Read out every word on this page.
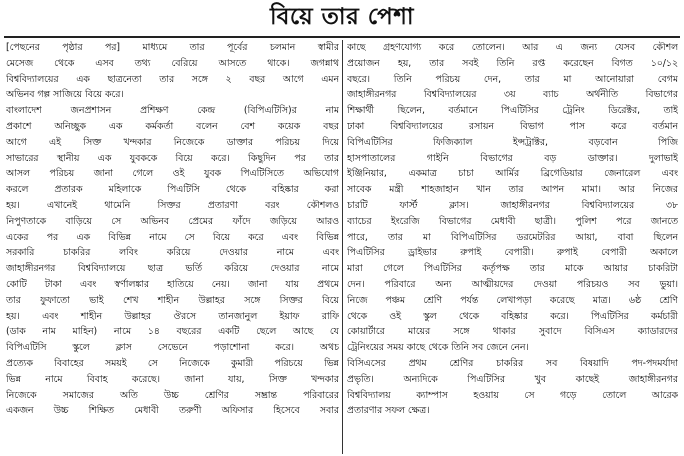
বিয়ে তার পেশা
[পেছনের পৃষ্ঠার পর] মাধ্যমে তার পূর্বের চলমান স্বামীর
মেসেজ থেকে এসব তথ্য বেরিয়ে আসতে থাকে। জগন্নাথ
বিশ্ববিদ্যালয়ের এক ছাত্রনেতা তার সঙ্গে ২ বছর আগে এমন
অভিনব গল্প সাজিয়ে বিয়ে করে।
বাংলাদেশ জনপ্রশাসন প্রশিক্ষণ কেন্দ্র (বিপিএটিসি)র নাম
প্রকাশে অনিচ্ছুক এক কর্মকর্তা বলেন বেশ কয়েক বছর
আগে এই সিক্ত খন্দকার নিজেকে ডাক্তার পরিচয় দিয়ে
সাভারের স্থানীয় এক যুবককে বিয়ে করে। কিছুদিন পর তার
আসল পরিচয় জানা গেলে ওই যুবক পিএটিসিতে অভিযোগ
করলে প্রতারক মহিলাকে পিএটিসি থেকে বহিষ্কার করা
হয়। এখানেই থামেনি সিক্তর প্রতারণা বরং কৌশলও
নিপুণতাকে বাড়িয়ে সে অভিনব প্রেমের ফাঁদে জড়িয়ে আরও
একের পর এক বিভিন্ন নামে সে বিয়ে করে এবং বিভিন্ন
সরকারি চাকরির লবিং করিয়ে দেওয়ার নামে এবং
জাহাঙ্গীরনগর বিশ্ববিদ্যালয়ে ছাত্র ভর্তি করিয়ে দেওয়ার নামে
কোটি টাকা এবং স্বর্ণালঙ্কার হাতিয়ে নেয়। জানা যায় প্রথমে
তার ফুফাতো ভাই শেখ শাহীন উল্লাহর সঙ্গে সিক্তর বিয়ে
হয়। এবং শাহীন উল্লাহর ঔরসে তানজানুল ইয়াফ রাফি
(ডাক নাম মাহিন) নামে ১৪ বছরের একটি ছেলে আছে যে
বিপিএটিসি স্কুলে ক্লাস সেভেনে পড়াশোনা করে। অথচ
প্রত্যেক বিবাহের সময়ই সে নিজেকে কুমারী পরিচয়ে ভিন্ন
ভিন্ন নামে বিবাহ করেছে। জানা যায়, সিক্ত খন্দকার
নিজেকে সমাজের অতি উচ্চ শ্রেণির সম্ভ্রান্ত পরিবারের
একজন উচ্চ শিক্ষিত মেধাবী তরুণী অফিসার হিসেবে সবার
কাছে গ্রহণযোগ্য করে তোলেন। আর এ জন্য যেসব কৌশল
প্রয়োজন হয়, তার সবই তিনি রপ্ত করেছেন বিগত ১০/১২
বছরে। তিনি পরিচয় দেন, তার মা আনোয়ারা বেগম
জাহাঙ্গীরনগর বিশ্ববিদ্যালয়ের ৩য় ব্যাচ অর্থনীতি বিভাগের
শিক্ষার্থী ছিলেন, বর্তমানে পিএটিসির ট্রেনিং ডিরেক্টর, তাই
ঢাকা বিশ্ববিদ্যালয়ের রসায়ন বিভাগ পাস করে বর্তমান
বিপিএটিসির ফিজিক্যাল ইন্সট্রাক্টর, বড়বোন পিজি
হাসপাতালের গাইনি বিভাগের বড় ডাক্তার। দুলাভাই
ইঞ্জিনিয়ার, একমাত্র চাচা আর্মির ব্রিগেডিয়ার জেনারেল এবং
সাবেক মন্ত্রী শাহজাহান খান তার আপন মামা। আর নিজের
চারটি ফার্স্ট ক্লাস। জাহাঙ্গীরনগর বিশ্ববিদ্যালয়ের ৩৮
ব্যাচের ইংরেজি বিভাগের মেধাবী ছাত্রী। পুলিশ পরে জানতে
পারে, তার মা বিপিএটিসির ডরমেটরির আয়া, বাবা ছিলেন
পিএটিসির ড্রাইভার রুপাই বেপারী। রুপাই বেপারী অকালে
মারা গেলে পিএটিসির কর্তৃপক্ষ তার মাকে আয়ার চাকরিটা
দেন। পরিবারে অন্য আত্মীয়দের দেওয়া পরিচয়ও সব ভুয়া।
নিজে পঞ্চম শ্রেণি পর্যন্ত লেখাপড়া করেছে মাত্র। ৬ষ্ঠ শ্রেণি
থেকে ওই স্কুল থেকে বহিষ্কার করে। পিএটিসির কর্মচারী
কোয়ার্টারে মায়ের সঙ্গে থাকার সুবাদে বিসিএস ক্যাডারদের
ট্রেনিংয়ের সময় কাছে থেকে তিনি সব জেনে নেন।
বিসিএসের প্রথম শ্রেণির চাকরির সব বিষয়াদি পদ-পদমর্যাদা
প্রভৃতি। অন্যদিকে পিএটিসির খুব কাছেই জাহাঙ্গীরনগর
বিশ্ববিদ্যালয় ক্যাম্পাস হওয়ায় সে গড়ে তোলে আরেক
প্রতারণার সফল ক্ষেত্র।
